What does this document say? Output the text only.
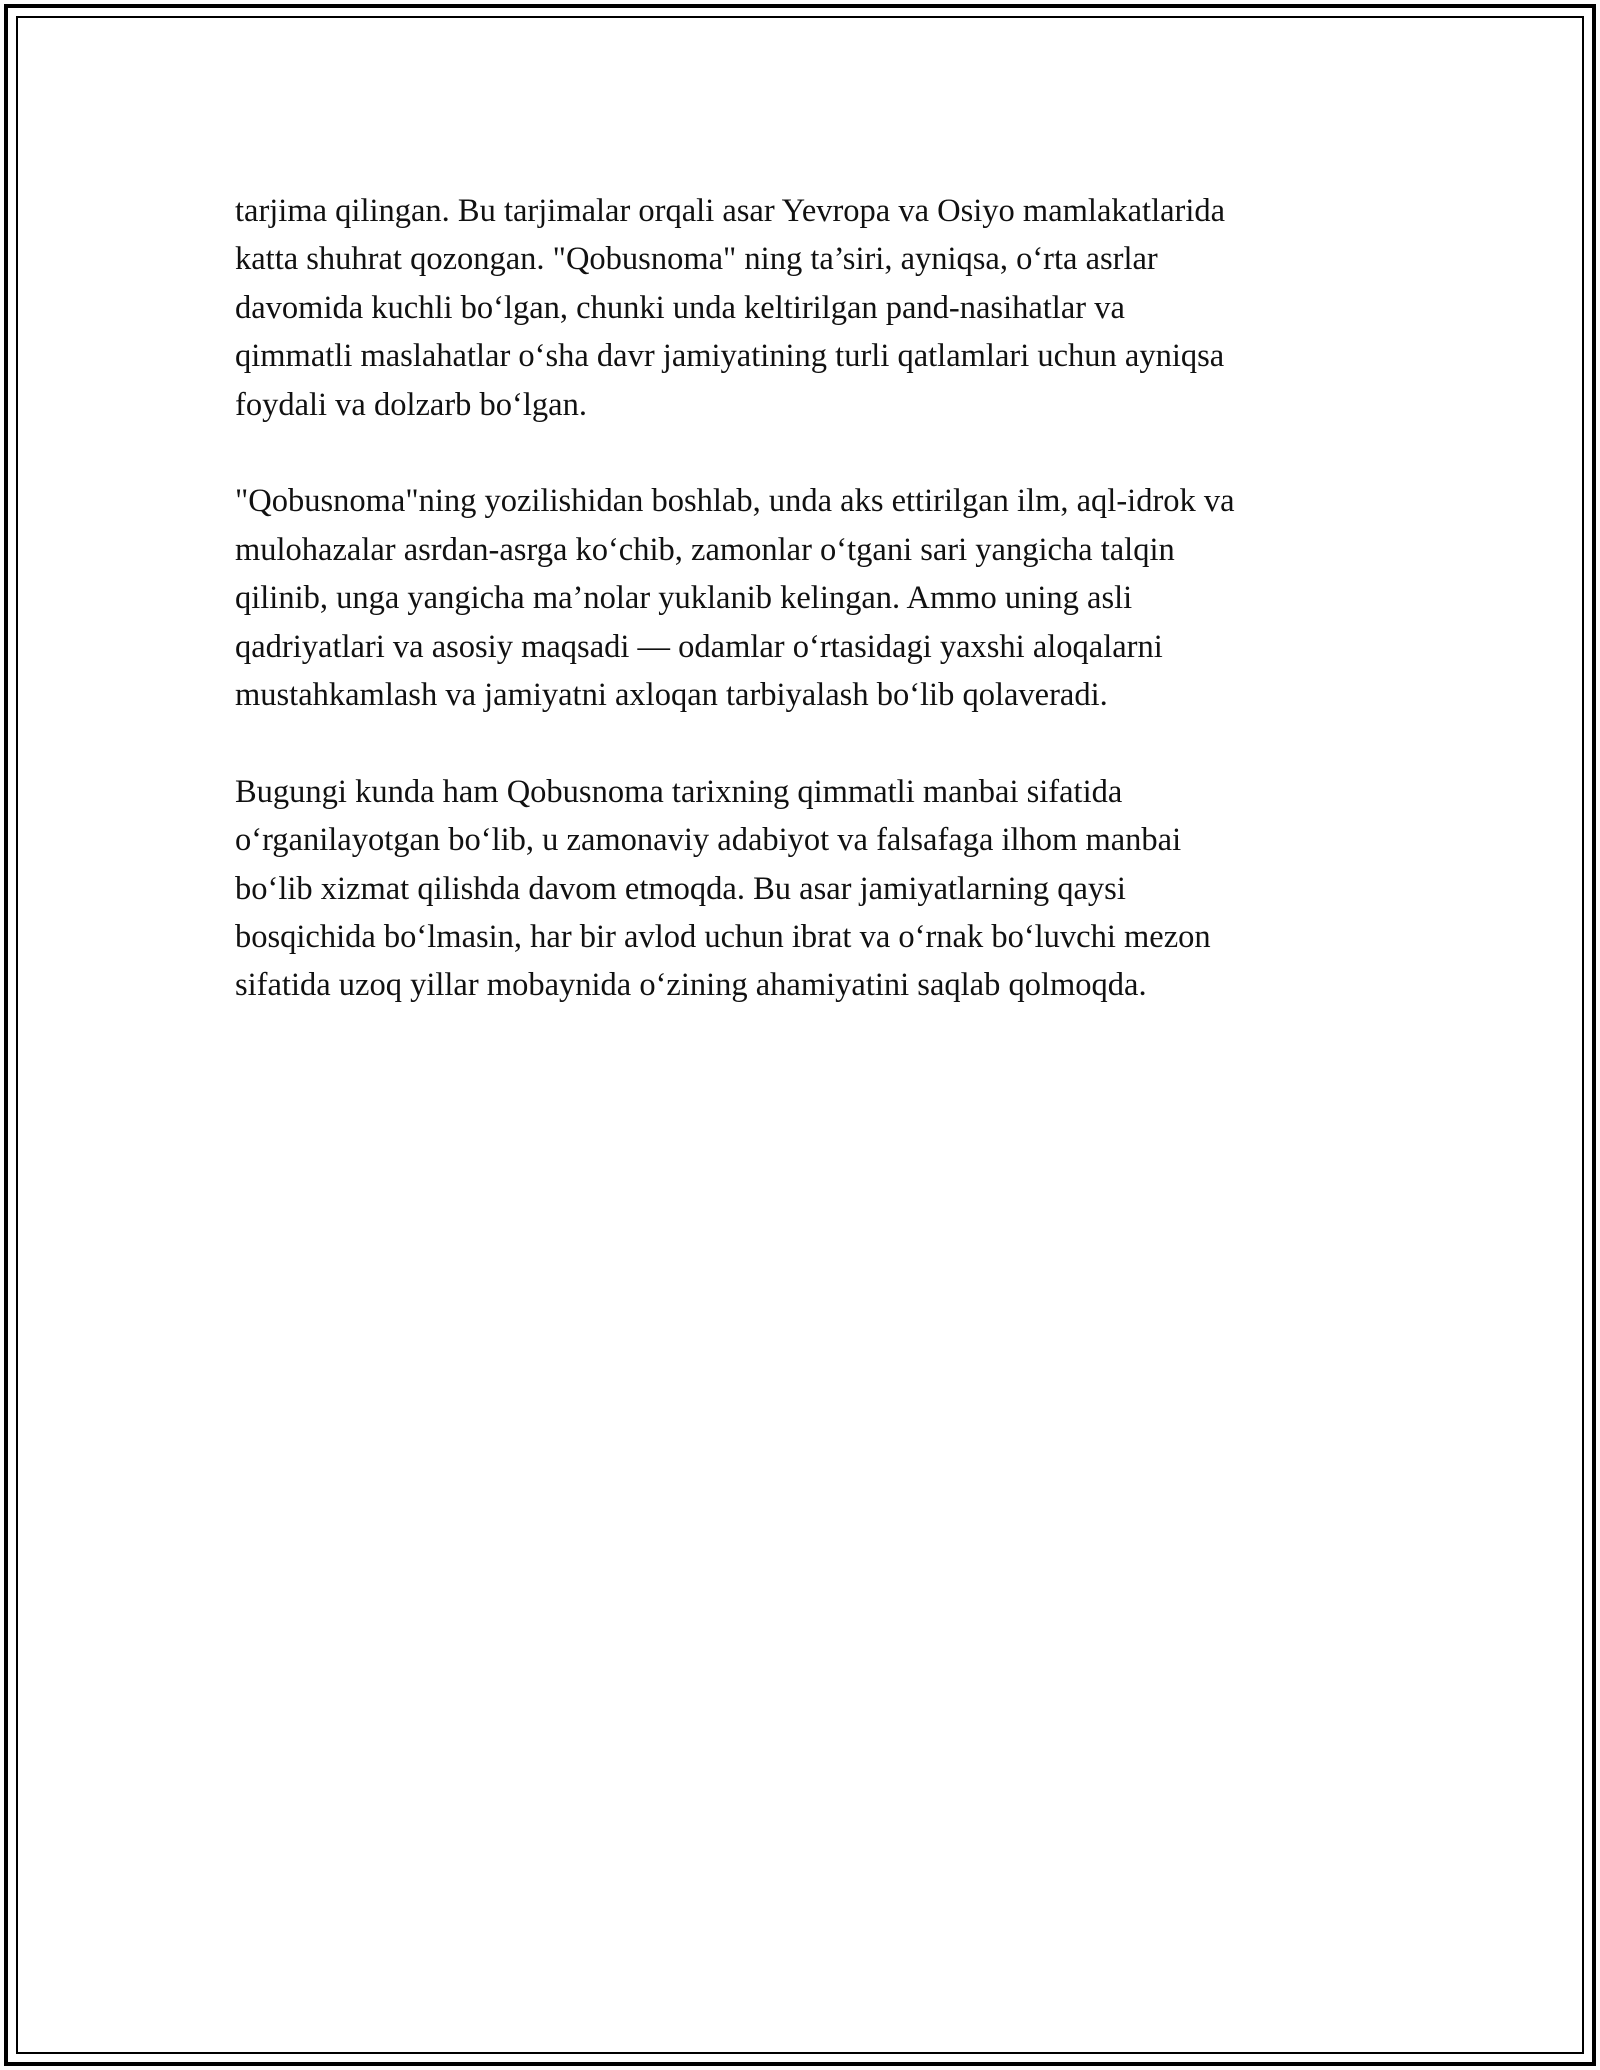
tarjima qilingan. Bu tarjimalar orqali asar Yevropa va Osiyo mamlakatlarida
katta shuhrat qozongan. "Qobusnoma" ning ta’siri, ayniqsa, o‘rta asrlar
davomida kuchli bo‘lgan, chunki unda keltirilgan pand-nasihatlar va
qimmatli maslahatlar o‘sha davr jamiyatining turli qatlamlari uchun ayniqsa
foydali va dolzarb bo‘lgan.

"Qobusnoma"ning yozilishidan boshlab, unda aks ettirilgan ilm, aql-idrok va
mulohazalar asrdan-asrga ko‘chib, zamonlar o‘tgani sari yangicha talqin
qilinib, unga yangicha ma’nolar yuklanib kelingan. Ammo uning asli
qadriyatlari va asosiy maqsadi — odamlar o‘rtasidagi yaxshi aloqalarni
mustahkamlash va jamiyatni axloqan tarbiyalash bo‘lib qolaveradi.

Bugungi kunda ham Qobusnoma tarixning qimmatli manbai sifatida
o‘rganilayotgan bo‘lib, u zamonaviy adabiyot va falsafaga ilhom manbai
bo‘lib xizmat qilishda davom etmoqda. Bu asar jamiyatlarning qaysi
bosqichida bo‘lmasin, har bir avlod uchun ibrat va o‘rnak bo‘luvchi mezon
sifatida uzoq yillar mobaynida o‘zining ahamiyatini saqlab qolmoqda.
